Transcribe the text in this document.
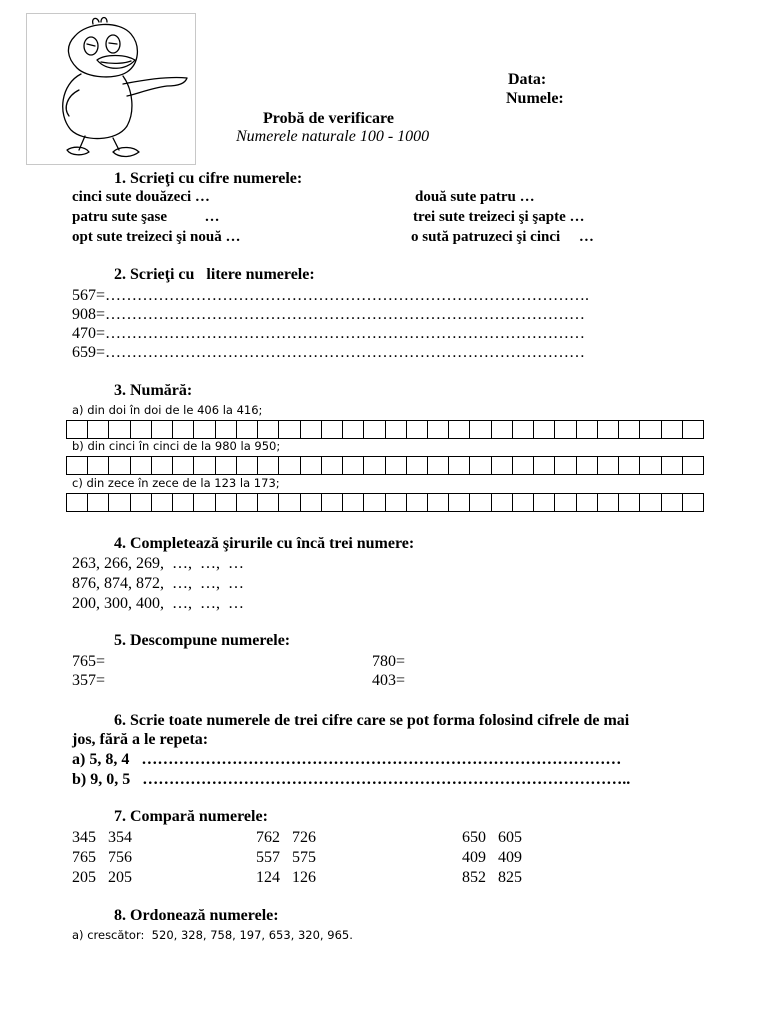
Data:
Numele:
Probă de verificare
Numerele naturale 100 - 1000
1. Scrieţi cu cifre numerele:
cinci sute douăzeci …	două sute patru …
patru sute şase          …	trei sute treizeci şi şapte …
opt sute treizeci şi nouă …	o sută patruzeci şi cinci     …
2. Scrieţi cu   litere numerele:
567=……………………………………………………………………………….
908=………………………………………………………………………………
470=………………………………………………………………………………
659=………………………………………………………………………………
3. Numără:
a) din doi în doi de le 406 la 416;
b) din cinci în cinci de la 980 la 950;
c) din zece în zece de la 123 la 173;
4. Completează şirurile cu încă trei numere:
263, 266, 269,  …,  …,  …
876, 874, 872,  …,  …,  …
200, 300, 400,  …,  …,  …
5. Descompune numerele:
765=	780=
357=	403=
6. Scrie toate numerele de trei cifre care se pot forma folosind cifrele de mai
jos, fără a le repeta:
a) 5, 8, 4   ………………………………………………………………………………
b) 9, 0, 5   ………………………………………………………………………………..
7. Compară numerele:
345   354	762   726	650   605
765   756	557   575	409   409
205   205	124   126	852   825
8. Ordonează numerele:
a) crescător:  520, 328, 758, 197, 653, 320, 965.
